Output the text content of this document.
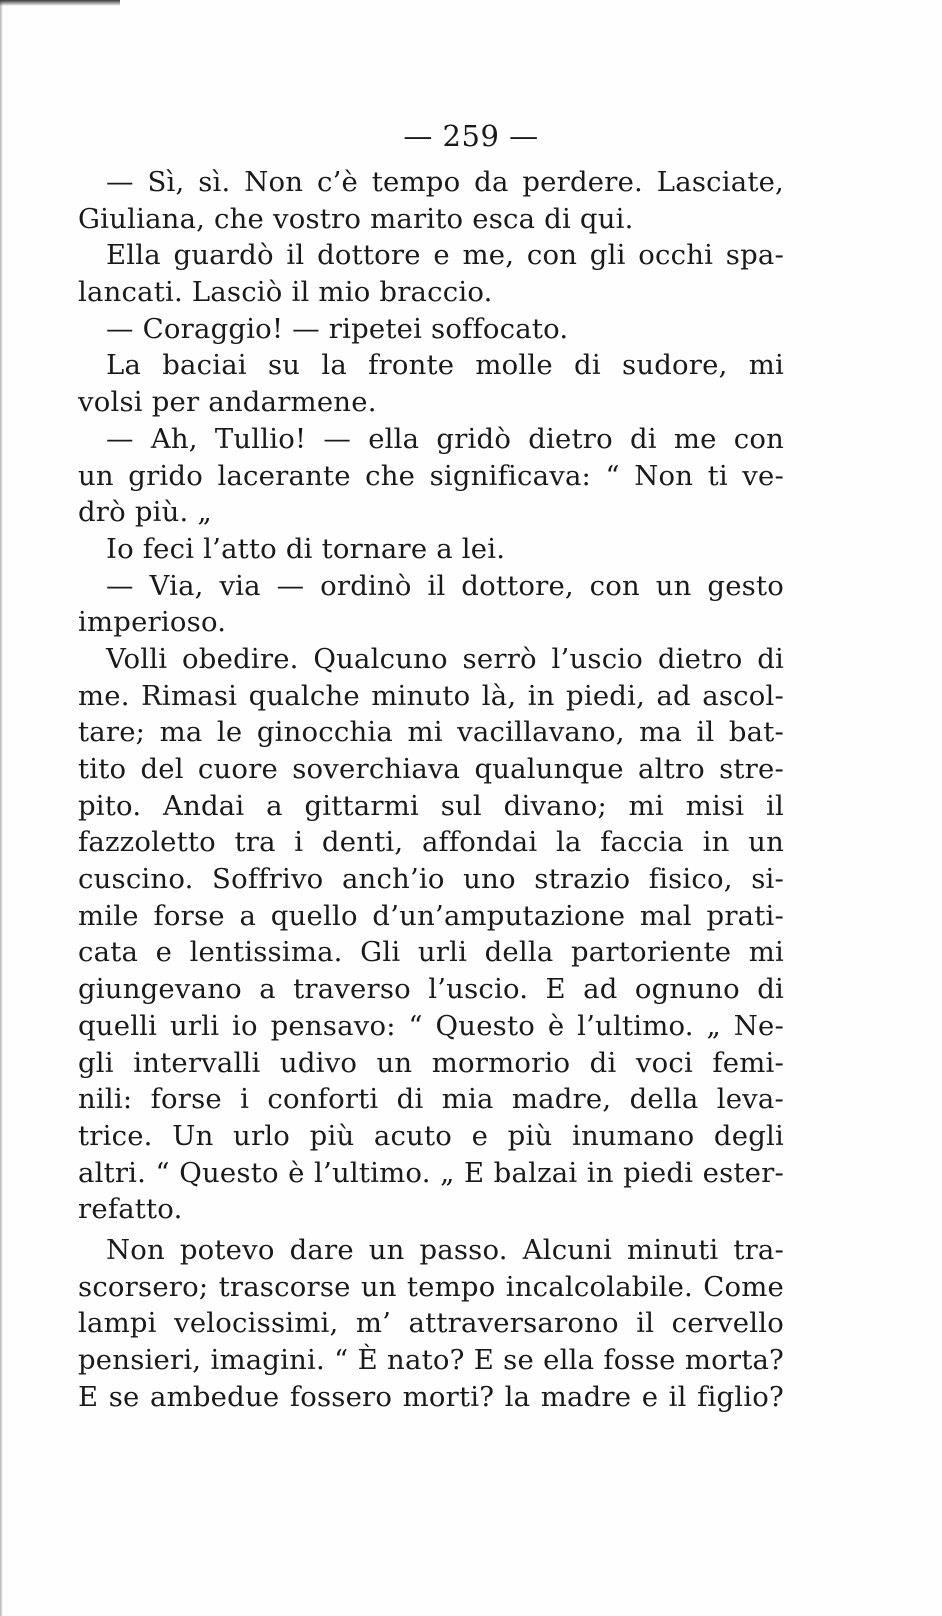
— 259 —
— Sì, sì. Non c’è tempo da perdere. Lasciate,
Giuliana, che vostro marito esca di qui.
Ella guardò il dottore e me, con gli occhi spa-
lancati. Lasciò il mio braccio.
— Coraggio! — ripetei soffocato.
La baciai su la fronte molle di sudore, mi
volsi per andarmene.
— Ah, Tullio! — ella gridò dietro di me con
un grido lacerante che significava: “ Non ti ve-
drò più. „
Io feci l’atto di tornare a lei.
— Via, via — ordinò il dottore, con un gesto
imperioso.
Volli obedire. Qualcuno serrò l’uscio dietro di
me. Rimasi qualche minuto là, in piedi, ad ascol-
tare; ma le ginocchia mi vacillavano, ma il bat-
tito del cuore soverchiava qualunque altro stre-
pito. Andai a gittarmi sul divano; mi misi il
fazzoletto tra i denti, affondai la faccia in un
cuscino. Soffrivo anch’io uno strazio fisico, si-
mile forse a quello d’un’amputazione mal prati-
cata e lentissima. Gli urli della partoriente mi
giungevano a traverso l’uscio. E ad ognuno di
quelli urli io pensavo: “ Questo è l’ultimo. „ Ne-
gli intervalli udivo un mormorio di voci femi-
nili: forse i conforti di mia madre, della leva-
trice. Un urlo più acuto e più inumano degli
altri. “ Questo è l’ultimo. „ E balzai in piedi ester-
refatto.
Non potevo dare un passo. Alcuni minuti tra-
scorsero; trascorse un tempo incalcolabile. Come
lampi velocissimi, m’ attraversarono il cervello
pensieri, imagini. “ È nato? E se ella fosse morta?
E se ambedue fossero morti? la madre e il figlio?
